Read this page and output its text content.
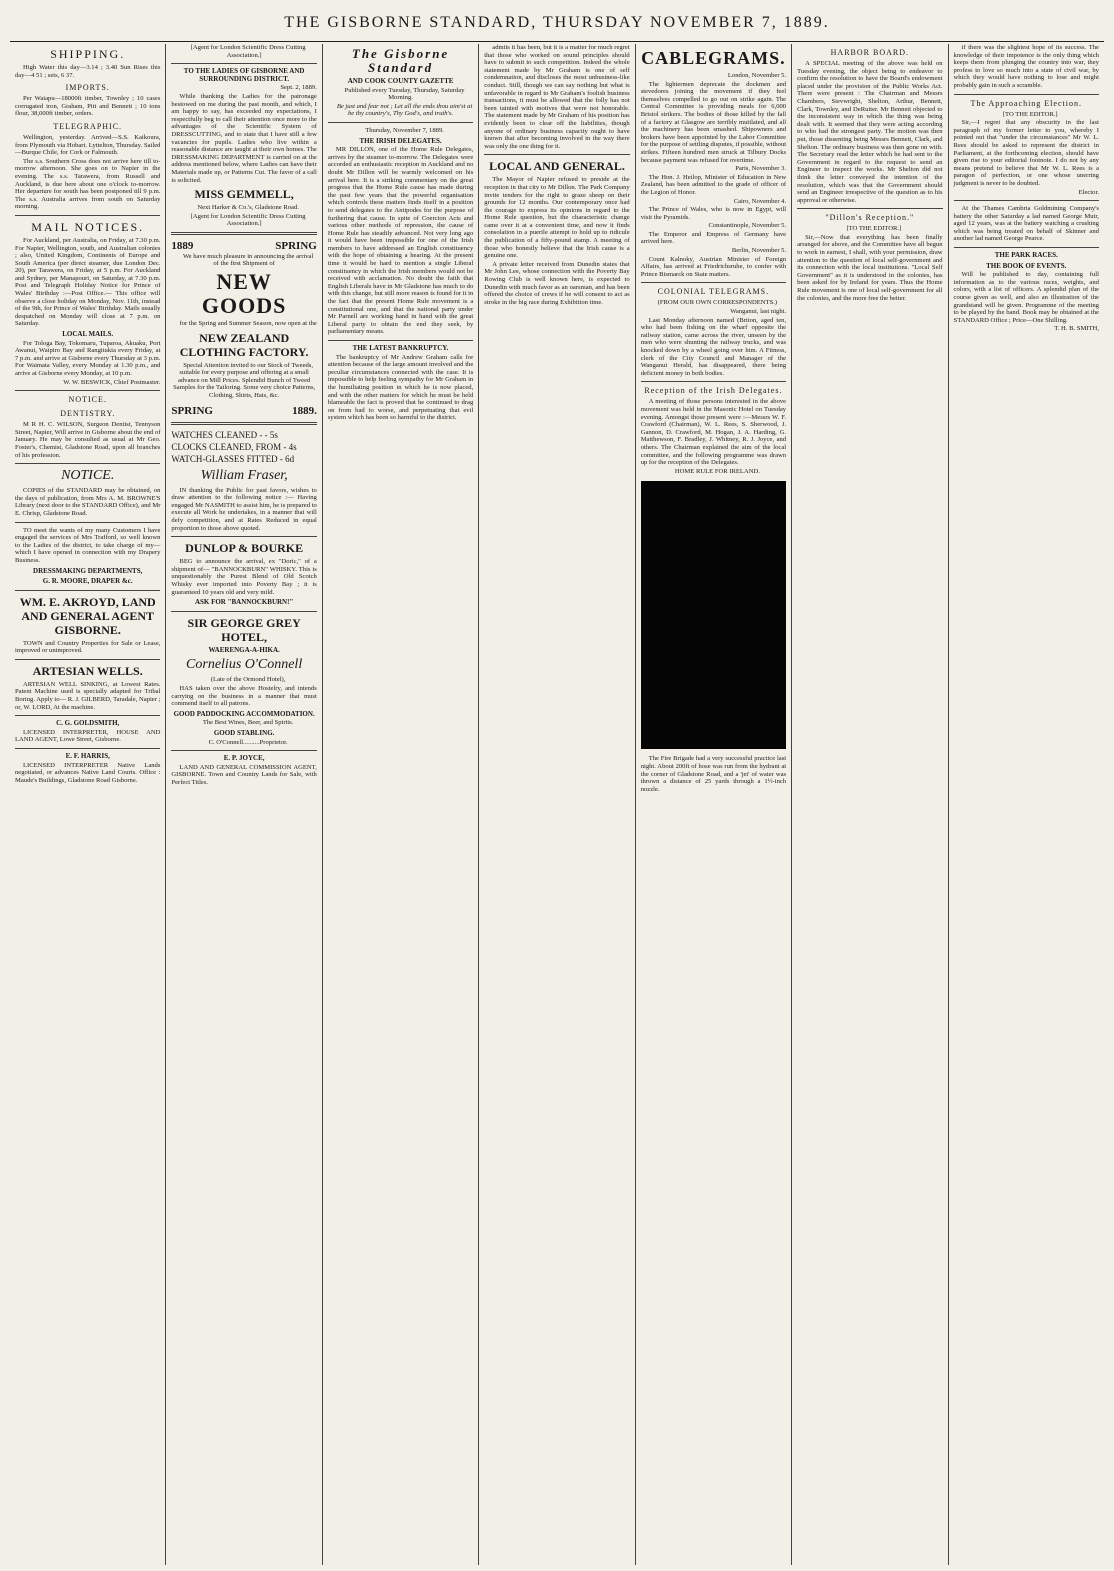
THE GISBORNE STANDARD, THURSDAY NOVEMBER 7, 1889.
SHIPPING.

High Water this day—3.14 ; 3.40 Sun Rises this day—4 51 ; sets, 6 37.

IMPORTS.

Per Waiapu—18000ft timber, Townley ; 10 cases corrugated iron, Graham, Pitt and Bennett ; 10 tons flour, 38,000ft timber, orders.

TELEGRAPHIC.

Wellington, yesterday. Arrived—S.S. Kaikoura, from Plymouth via Hobart. Lyttelton, Thursday. Sailed—Burque Chile, for Cork or Falmouth.

The s.s. Southern Cross does not arrive here till to-morrow afternoon. She goes on to Napier in the evening. The s.s. Tarawera, from Russell and Auckland, is due here about one o'clock to-morrow. Her departure for south has been postponed till 9 p.m. The s.s. Australia arrives from south on Saturday morning.

MAIL NOTICES.

For Auckland, per Australia, on Friday, at 7.30 p.m. For Napier, Wellington, south, and Australian colonies ; also, United Kingdom, Continents of Europe and South America (per direct steamer, due London Dec. 20), per Tarawera, on Friday, at 5 p.m. For Auckland and Sydney, per Manapouri, on Saturday, at 7.30 p.m. Post and Telegraph Holiday Notice for Prince of Wales' Birthday :—Post Office.— This office will observe a close holiday on Monday, Nov. 11th, instead of the 9th, for Prince of Wales' Birthday. Mails usually despatched on Monday will close at 7 p.m. on Saturday.

LOCAL MAILS.

For Tologa Bay, Tokomaru, Tuparoa, Akuaku, Port Awanui, Waipiro Bay and Rangitukia every Friday, at 7 p.m. and arrive at Gisborne every Thursday at 3 p.m. For Waimata Valley, every Monday at 1.30 p.m., and arrive at Gisborne every Monday, at 10 p.m.

W. W. BESWICK, Chief Postmaster.

NOTICE.
DENTISTRY.

M R H. C. WILSON, Surgeon Dentist, Tennyson Street, Napier, Will arrive in Gisborne about the end of January. He may be consulted as usual at Mr Geo. Foster's, Chemist, Gladstone Road, upon all branches of his profession.

NOTICE.

COPIES of the STANDARD may be obtained, on the days of publication, from Mrs A. M. BROWNE'S Library (next door to the STANDARD Office), and Mr E. Chrisp, Gladstone Road.

TO meet the wants of my many Customers I have engaged the services of Mrs Trafford, so well known to the Ladies of the district, to take charge of my— which I have opened in connection with my Drapery Business.

DRESSMAKING DEPARTMENTS,
G. R. MOORE, DRAPER &c.
WM. E. AKROYD, LAND AND GENERAL AGENT GISBORNE.

TOWN and Country Properties for Sale or Lease, improved or unimproved.

ARTESIAN WELLS.

ARTESIAN WELL SINKING, at Lowest Rates. Patent Machine used is specially adapted for Tribal Boring. Apply to— R. J. GILBERD, Taradale, Napier ; or, W. LORD, At the machine.

C. G. GOLDSMITH,

LICENSED INTERPRETER, HOUSE AND LAND AGENT, Lowe Street, Gisborne.

E. F. HARRIS,

LICENSED INTERPRETER Native Lands negotiated, or advances Native Land Courts. Office : Maude's Buildings, Gladstone Road Gisborne.

[Agent for London Scientific Dress Cutting Association.]

TO THE LADIES OF GISBORNE AND SURROUNDING DISTRICT.

Sept. 2, 1889.

While thanking the Ladies for the patronage bestowed on me during the past month, and which, I am happy to say, has exceeded my expectations, I respectfully beg to call their attention once more to the advantages of the Scientific System of DRESSCUTTING, and to state that I have still a few vacancies for pupils. Ladies who live within a reasonable distance are taught at their own homes. The DRESSMAKING DEPARTMENT is carried on at the address mentioned below, where Ladies can have their Materials made up, or Patterns Cut. The favor of a call is solicited.

MISS GEMMELL,

Next Harker & Co.'s, Gladstone Road.

[Agent for London Scientific Dress Cutting Association.]

1889	SPRING

We have much pleasure in announcing the arrival of the first Shipment of

NEW GOODS

for the Spring and Summer Season, now open at the

NEW ZEALAND CLOTHING FACTORY.

Special Attention invited to our Stock of Tweeds, suitable for every purpose and offering at a small advance on Mill Prices. Splendid Bunch of Tweed Samples for the Tailoring. Some very choice Patterns, Clothing, Shirts, Hats, &c.

SPRING	1889.
WATCHES CLEANED - - 5s
CLOCKS CLEANED, FROM - 4s
WATCH-GLASSES FITTED - 6d
William Fraser,

IN thanking the Public for past favors, wishes to draw attention to the following notice :— Having engaged Mr NASMITH to assist him, he is prepared to execute all Work he undertakes, in a manner that will defy competition, and at Rates Reduced in equal proportion to those above quoted.

DUNLOP & BOURKE

BEG to announce the arrival, ex "Doric," of a shipment of— "BANNOCKBURN" WHISKY. This is unquestionably the Purest Blend of Old Scotch Whisky ever imported into Poverty Bay ; it is guaranteed 10 years old and very mild.

ASK FOR "BANNOCKBURN!"
SIR GEORGE GREY HOTEL,
WAERENGA-A-HIKA.
Cornelius O'Connell

(Late of the Ormond Hotel),

HAS taken over the above Hostelry, and intends carrying on the business in a manner that must commend itself to all patrons.

GOOD PADDOCKING ACCOMMODATION.

The Best Wines, Beer, and Spirits.

GOOD STABLING.

C. O'Connell..........Proprietor.

E. P. JOYCE,

LAND AND GENERAL COMMISSION AGENT, GISBORNE. Town and Country Lands for Sale, with Perfect Titles.

The Gisborne Standard
AND COOK COUNTY GAZETTE

Published every Tuesday, Thursday, Saturday Morning.

Be just and fear not ; Let all the ends thou aim'st at be thy country's, Thy God's, and truth's.

Thursday, November 7, 1889.

THE IRISH DELEGATES.

MR DILLON, one of the Home Rule Delegates, arrives by the steamer to-morrow. The Delegates were accorded an enthusiastic reception in Auckland and no doubt Mr Dillon will be warmly welcomed on his arrival here. It is a striking commentary on the great progress that the Home Rule cause has made during the past few years that the powerful organisation which controls these matters finds itself in a position to send delegates to the Antipodes for the purpose of furthering that cause. In spite of Coercion Acts and various other methods of repression, the cause of Home Rule has steadily advanced. Not very long ago it would have been impossible for one of the Irish members to have addressed an English constituency with the hope of obtaining a hearing. At the present time it would be hard to mention a single Liberal constituency in which the Irish members would not be received with acclamation. No doubt the faith that English Liberals have in Mr Gladstone has much to do with this change, but still more reason is found for it in the fact that the present Home Rule movement is a constitutional one, and that the national party under Mr Parnell are working hand in hand with the great Liberal party to obtain the end they seek, by parliamentary means.

THE LATEST BANKRUPTCY.

The bankruptcy of Mr Andrew Graham calls for attention because of the large amount involved and the peculiar circumstances connected with the case. It is impossible to help feeling sympathy for Mr Graham in the humiliating position in which he is now placed, and with the other matters for which he must be held blameable the fact is proved that he continued to drag on from bad to worse, and perpetuating that evil system which has been so harmful to the district.

admits it has been, but it is a matter for much regret that those who worked on sound principles should have to submit to such competition. Indeed the whole statement made by Mr Graham is one of self condemnation, and discloses the most unbusiness-like conduct. Still, though we can say nothing but what is unfavorable in regard to Mr Graham's foolish business transactions, it must be allowed that the folly has not been tainted with motives that were not honorable. The statement made by Mr Graham of his position has evidently been to clear off the liabilities, though anyone of ordinary business capacity ought to have known that after becoming involved in the way there was only the one thing for it.

LOCAL AND GENERAL.

The Mayor of Napier refused to preside at the reception in that city to Mr Dillon. The Park Company invite tenders for the right to graze sheep on their grounds for 12 months. Our contemporary once had the courage to express its opinions in regard to the Home Rule question, but the characteristic change came over it at a convenient time, and now it finds consolation in a puerile attempt to hold up to ridicule the publication of a fifty-pound stamp. A meeting of those who honestly believe that the Irish cause is a genuine one.

A private letter received from Dunedin states that Mr John Lee, whose connection with the Poverty Bay Rowing Club is well known here, is expected to Dunedin with much favor as an oarsman, and has been offered the choice of crews if he will consent to act as stroke in the big race during Exhibition time.

CABLEGRAMS.

London, November 5.

The lightermen deprecate the dockmen and stevedores joining the movement if they feel themselves compelled to go out on strike again. The Central Committee is providing meals for 6,000 Bristol strikers. The bodies of those killed by the fall of a factory at Glasgow are terribly mutilated, and all the machinery has been smashed. Shipowners and brokers have been appointed by the Labor Committee for the purpose of settling disputes, if possible, without strikes. Fifteen hundred men struck at Tilbury Docks because payment was refused for overtime.

Paris, November 3.

The Hon. J. Heilop, Minister of Education in New Zealand, has been admitted to the grade of officer of the Legion of Honor.

Cairo, November 4.

The Prince of Wales, who is now in Egypt, will visit the Pyramids.

Constantinople, November 5.

The Emperor and Empress of Germany have arrived here.

Berlin, November 5.

Count Kalnoky, Austrian Minister of Foreign Affairs, has arrived at Friedrichsruhe, to confer with Prince Bismarck on State matters.

COLONIAL TELEGRAMS.

(FROM OUR OWN CORRESPONDENTS.)

Wanganui, last night.

Last Monday afternoon named (Briton, aged ten, who had been fishing on the wharf opposite the railway station, came across the river, unseen by the men who were shunting the railway trucks, and was knocked down by a wheel going over him. A Fitness, clerk of the City Council and Manager of the Wanganui Herald, has disappeared, there being deficient money in both bodies.

Reception of the Irish Delegates.

A meeting of those persons interested in the above movement was held in the Masonic Hotel on Tuesday evening. Amongst those present were :—Messrs W. F. Crawford (Chairman), W. L. Rees, S. Sherwood, J. Gannon, D. Crawford, M. Hogan, J. A. Harding, G. Matthewson, F. Bradley, J. Whitney, R. J. Joyce, and others. The Chairman explained the aim of the local committee, and the following programme was drawn up for the reception of the Delegates.

HOME RULE FOR IRELAND.

The Fire Brigade had a very successful practice last night. About 200ft of hose was run from the hydrant at the corner of Gladstone Road, and a 'jet' of water was thrown a distance of 25 yards through a 1½-inch nozzle.

HARBOR BOARD.

A SPECIAL meeting of the above was held on Tuesday evening, the object being to endeavor to confirm the resolution to have the Board's endowment placed under the provision of the Public Works Act. There were present : The Chairman and Messrs Chambers, Sievwright, Shelton, Arthur, Bennett, Clark, Townley, and DeRuiter. Mr Bennett objected to the inconsistent way in which the thing was being dealt with. It seemed that they were acting according to who had the strongest party. The motion was then put, those dissenting being Messrs Bennett, Clark, and Shelton. The ordinary business was then gone on with. The Secretary read the letter which he had sent to the Government in regard to the request to send an Engineer to inspect the works. Mr Shelton did not think the letter conveyed the intention of the resolution, which was that the Government should send an Engineer irrespective of the question as to his approval or otherwise.

"Dillon's Reception."

[TO THE EDITOR.]

Sir,—Now that everything has been finally arranged for above, and the Committee have all begun to work in earnest, I shall, with your permission, draw attention to the question of local self-government and its connection with the local institutions. "Local Self Government" as it is understood in the colonies, has been asked for by Ireland for years. Thus the Home Rule movement is one of local self-government for all the colonies, and the more free the better.

if there was the slightest hope of its success. The knowledge of their impotence is the only thing which keeps them from plunging the country into war, they profess to love so much into a state of civil war, by which they would have nothing to lose and might probably gain in such a scramble.

The Approaching Election.

[TO THE EDITOR.]

Sir,—I regret that any obscurity in the last paragraph of my former letter to you, whereby I pointed out that "under the circumstances" Mr W. L. Rees should be asked to represent the district in Parliament, at the forthcoming election, should have given rise to your editorial footnote. I do not by any means pretend to believe that Mr W. L. Rees is a paragon of perfection, or one whose unerring judgment is never to be doubted.

Elector.

At the Thames Cambria Goldmining Company's battery the other Saturday a lad named George Muir, aged 12 years, was at the battery watching a crushing which was being treated on behalf of Skinner and another lad named George Pearce.

THE PARK RACES.
THE BOOK OF EVENTS.

Will be published to day, containing full information as to the various races, weights, and colors, with a list of officers. A splendid plan of the course given as well, and also an illustration of the grandstand will be given. Programme of the meeting to be played by the band. Book may be obtained at the STANDARD Office ; Price—One Shilling.

T. H. B. SMITH,
